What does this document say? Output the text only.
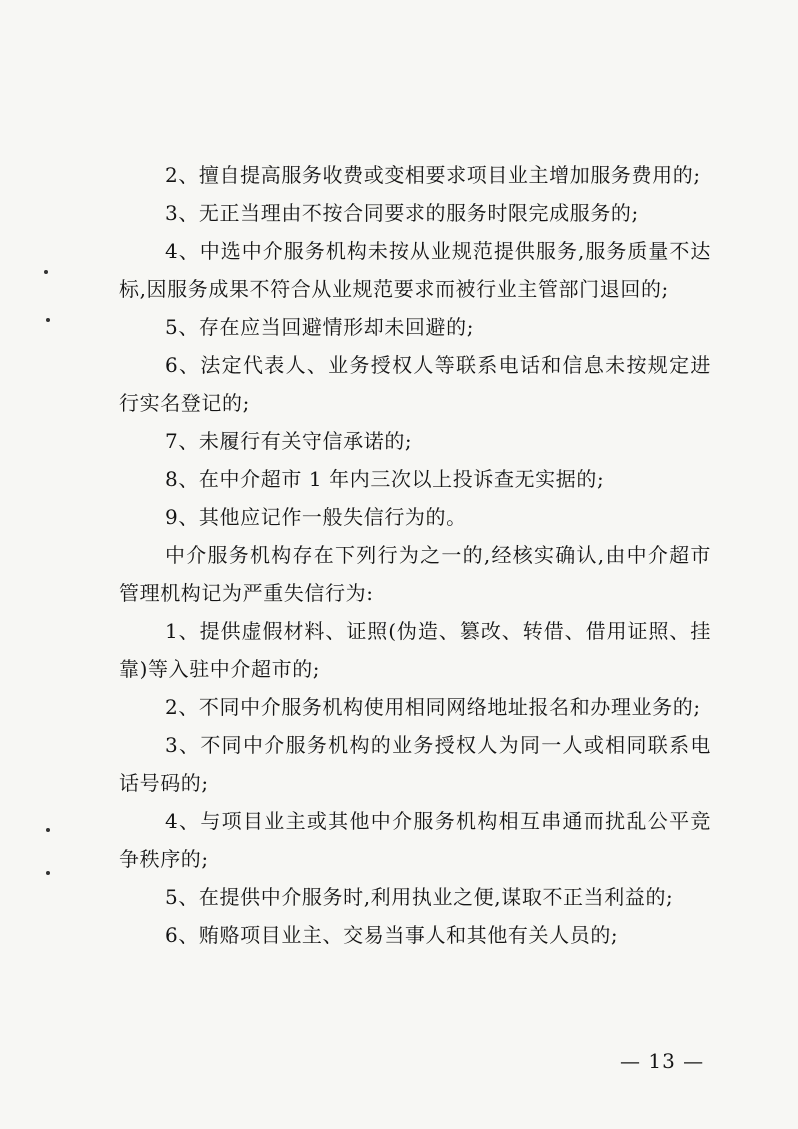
2、擅自提高服务收费或变相要求项目业主增加服务费用的;

3、无正当理由不按合同要求的服务时限完成服务的;

4、中选中介服务机构未按从业规范提供服务,服务质量不达标,因服务成果不符合从业规范要求而被行业主管部门退回的;

5、存在应当回避情形却未回避的;

6、法定代表人、业务授权人等联系电话和信息未按规定进行实名登记的;

7、未履行有关守信承诺的;

8、在中介超市 1 年内三次以上投诉查无实据的;

9、其他应记作一般失信行为的。

中介服务机构存在下列行为之一的,经核实确认,由中介超市管理机构记为严重失信行为:

1、提供虚假材料、证照(伪造、篡改、转借、借用证照、挂靠)等入驻中介超市的;

2、不同中介服务机构使用相同网络地址报名和办理业务的;

3、不同中介服务机构的业务授权人为同一人或相同联系电话号码的;

4、与项目业主或其他中介服务机构相互串通而扰乱公平竞争秩序的;

5、在提供中介服务时,利用执业之便,谋取不正当利益的;

6、贿赂项目业主、交易当事人和其他有关人员的;

— 13 —
